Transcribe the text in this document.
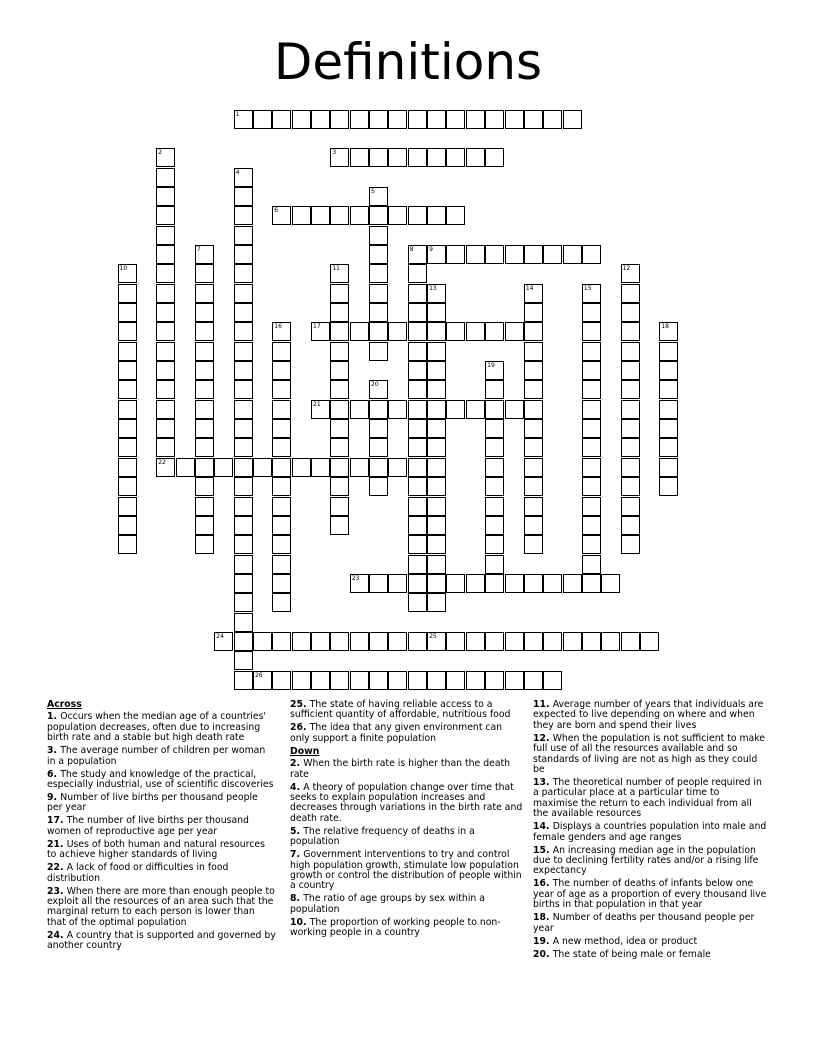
Definitions
1
2	3
4
5
6
7	8	9
10	11	12
13	14	15
16	17	18
19
20
21
22
23
24	25
26
Across
1. Occurs when the median age of a countries' population decreases, often due to increasing birth rate and a stable but high death rate
3. The average number of children per woman in a population
6. The study and knowledge of the practical, especially industrial, use of scientific discoveries
9. Number of live births per thousand people per year
17. The number of live births per thousand women of reproductive age per year
21. Uses of both human and natural resources to achieve higher standards of living
22. A lack of food or difficulties in food distribution
23. When there are more than enough people to exploit all the resources of an area such that the marginal return to each person is lower than that of the optimal population
24. A country that is supported and governed by another country
25. The state of having reliable access to a sufficient quantity of affordable, nutritious food
26. The idea that any given environment can only support a finite population
Down
2. When the birth rate is higher than the death rate
4. A theory of population change over time that seeks to explain population increases and decreases through variations in the birth rate and death rate.
5. The relative frequency of deaths in a population
7. Government interventions to try and control high population growth, stimulate low population growth or control the distribution of people within a country
8. The ratio of age groups by sex within a population
10. The proportion of working people to non-working people in a country
11. Average number of years that individuals are expected to live depending on where and when they are born and spend their lives
12. When the population is not sufficient to make full use of all the resources available and so standards of living are not as high as they could be
13. The theoretical number of people required in a particular place at a particular time to maximise the return to each individual from all the available resources
14. Displays a countries population into male and female genders and age ranges
15. An increasing median age in the population due to declining fertility rates and/or a rising life expectancy
16. The number of deaths of infants below one year of age as a proportion of every thousand live births in that population in that year
18. Number of deaths per thousand people per year
19. A new method, idea or product
20. The state of being male or female
